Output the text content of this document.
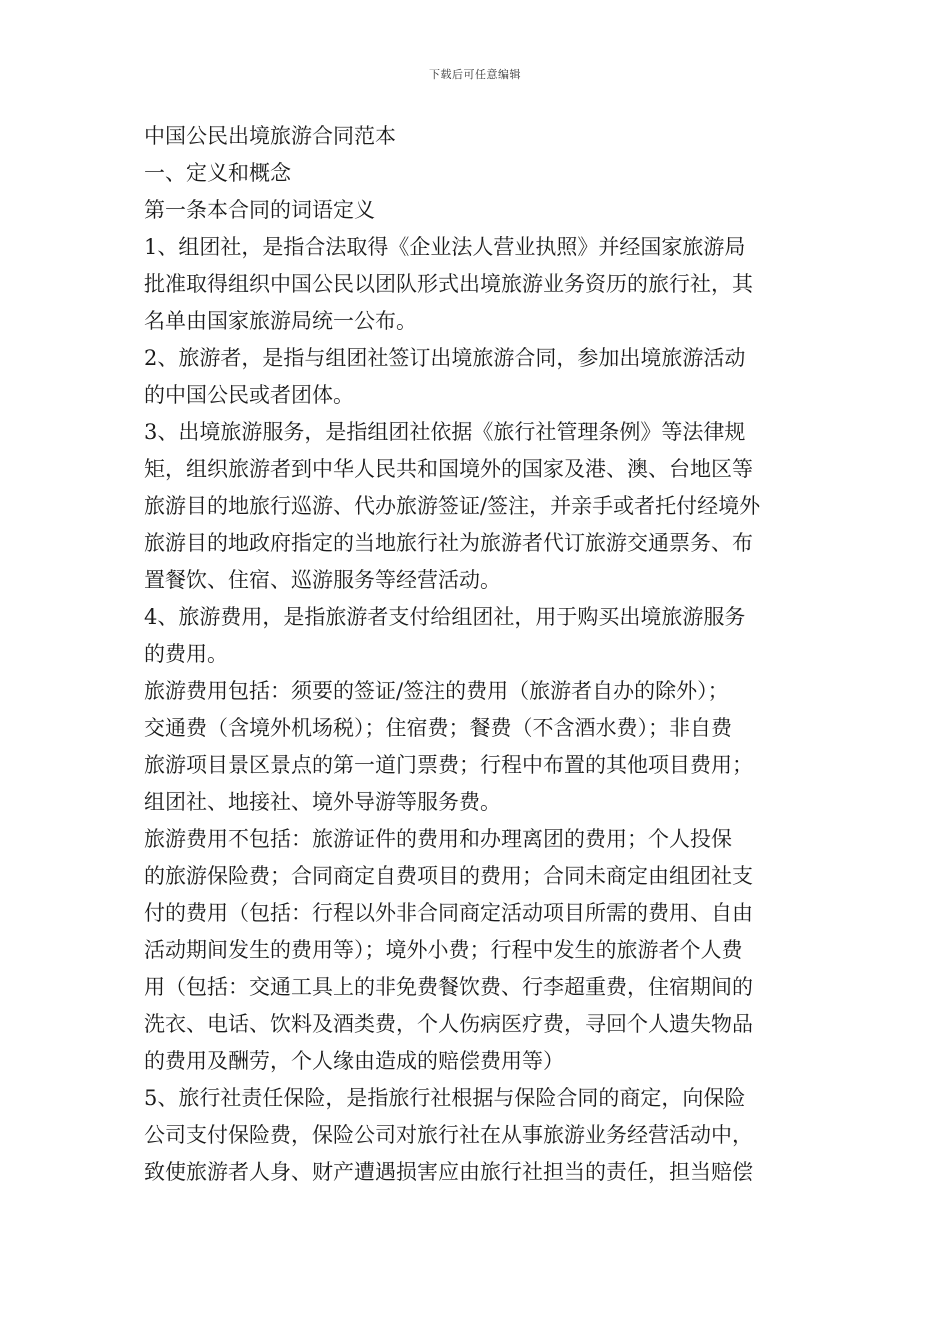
下载后可任意编辑
中国公民出境旅游合同范本
一、定义和概念
第一条本合同的词语定义
1、组团社，是指合法取得《企业法人营业执照》并经国家旅游局
批准取得组织中国公民以团队形式出境旅游业务资历的旅行社，其
名单由国家旅游局统一公布。
2、旅游者，是指与组团社签订出境旅游合同，参加出境旅游活动
的中国公民或者团体。
3、出境旅游服务，是指组团社依据《旅行社管理条例》等法律规
矩，组织旅游者到中华人民共和国境外的国家及港、澳、台地区等
旅游目的地旅行巡游、代办旅游签证/签注，并亲手或者托付经境外
旅游目的地政府指定的当地旅行社为旅游者代订旅游交通票务、布
置餐饮、住宿、巡游服务等经营活动。
4、旅游费用，是指旅游者支付给组团社，用于购买出境旅游服务
的费用。
旅游费用包括：须要的签证/签注的费用（旅游者自办的除外）；
交通费（含境外机场税）；住宿费；餐费（不含酒水费）；非自费
旅游项目景区景点的第一道门票费；行程中布置的其他项目费用；
组团社、地接社、境外导游等服务费。
旅游费用不包括：旅游证件的费用和办理离团的费用；个人投保
的旅游保险费；合同商定自费项目的费用；合同未商定由组团社支
付的费用（包括：行程以外非合同商定活动项目所需的费用、自由
活动期间发生的费用等）；境外小费；行程中发生的旅游者个人费
用（包括：交通工具上的非免费餐饮费、行李超重费，住宿期间的
洗衣、电话、饮料及酒类费，个人伤病医疗费，寻回个人遗失物品
的费用及酬劳，个人缘由造成的赔偿费用等）
5、旅行社责任保险，是指旅行社根据与保险合同的商定，向保险
公司支付保险费，保险公司对旅行社在从事旅游业务经营活动中，
致使旅游者人身、财产遭遇损害应由旅行社担当的责任，担当赔偿
